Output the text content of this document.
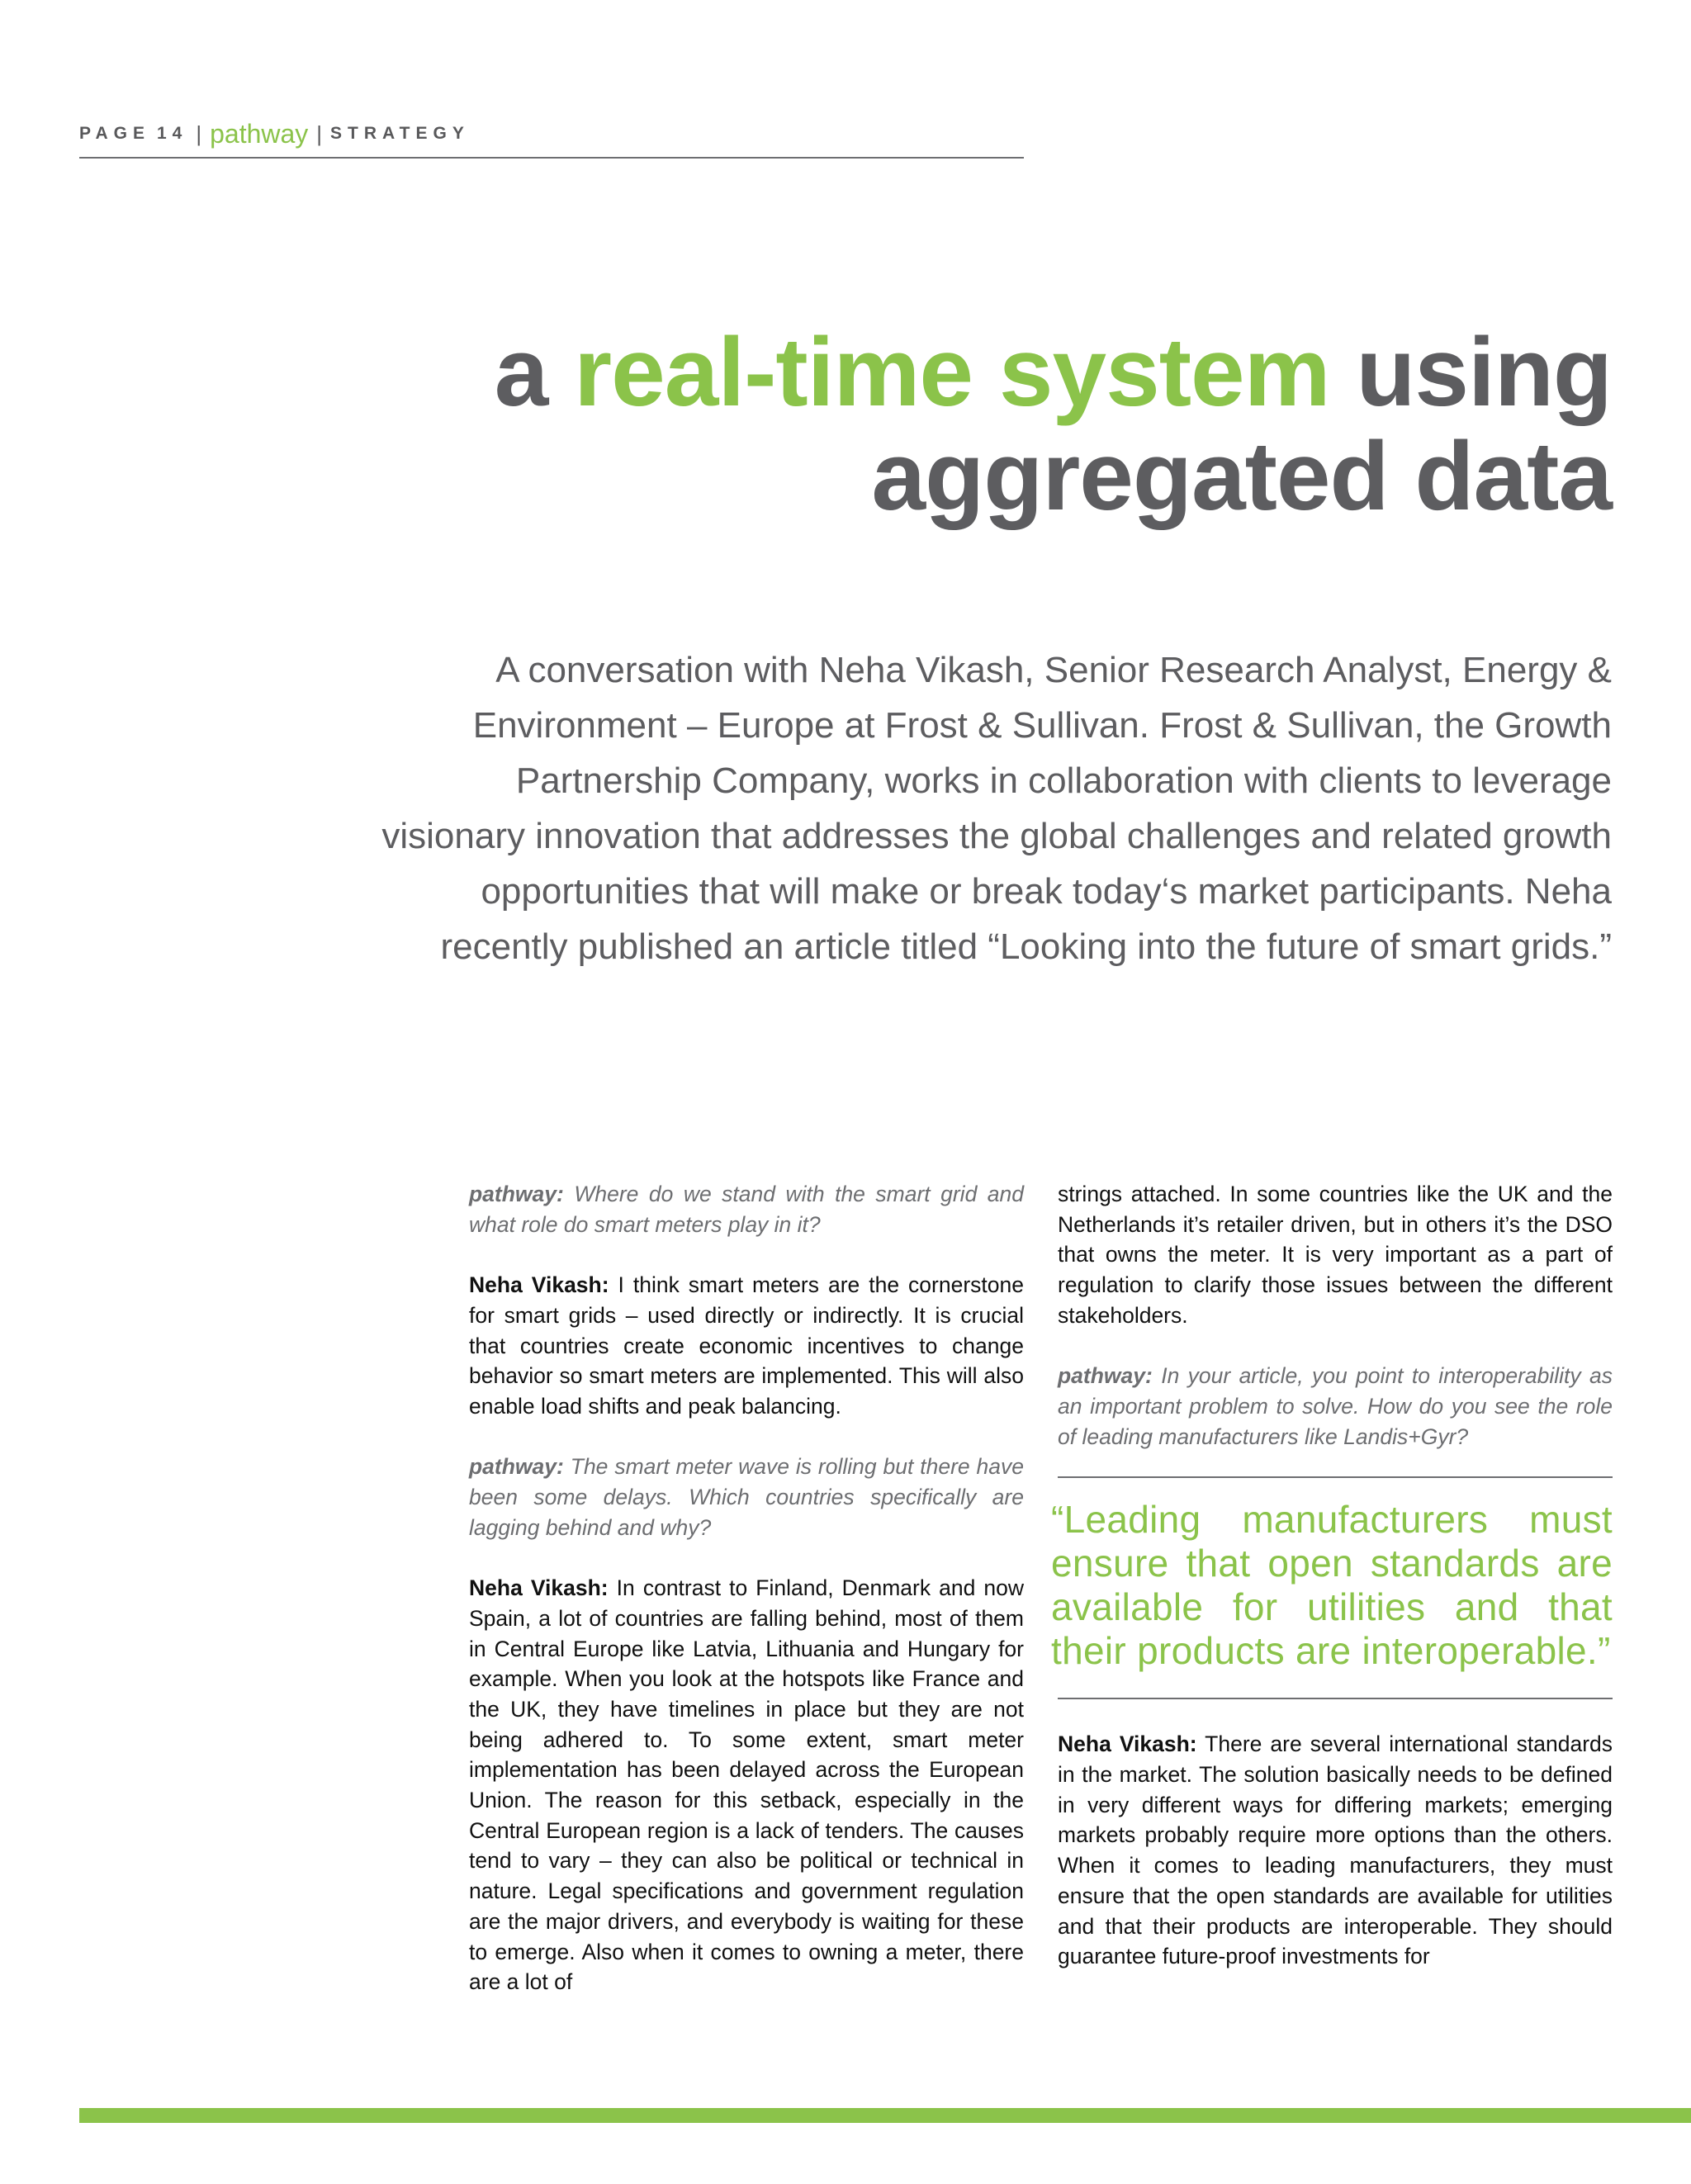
PAGE 14 | pathway | STRATEGY
a real-time system using
aggregated data
A conversation with Neha Vikash, Senior Research Analyst, Energy &
Environment – Europe at Frost & Sullivan. Frost & Sullivan, the Growth
Partnership Company, works in collaboration with clients to leverage
visionary innovation that addresses the global challenges and related growth
opportunities that will make or break today‘s market participants. Neha
recently published an article titled “Looking into the future of smart grids.”

pathway: Where do we stand with the smart grid and what role do smart meters play in it?

Neha Vikash: I think smart meters are the cornerstone for smart grids – used directly or indirectly. It is crucial that countries create economic incentives to change behavior so smart meters are implemented. This will also enable load shifts and peak balancing.

pathway: The smart meter wave is rolling but there have been some delays. Which countries specifically are lagging behind and why?

Neha Vikash: In contrast to Finland, Denmark and now Spain, a lot of countries are falling behind, most of them in Central Europe like Latvia, Lithuania and Hungary for example. When you look at the hotspots like France and the UK, they have timelines in place but they are not being adhered to. To some extent, smart meter implementation has been delayed across the European Union. The reason for this setback, especially in the Central European region is a lack of tenders. The causes tend to vary – they can also be political or technical in nature. Legal specifications and government regulation are the major drivers, and everybody is waiting for these to emerge. Also when it comes to owning a meter, there are a lot of

strings attached. In some countries like the UK and the Netherlands it’s retailer driven, but in others it’s the DSO that owns the meter. It is very important as a part of regulation to clarify those issues between the different stakeholders.

pathway: In your article, you point to interoperability as an important problem to solve. How do you see the role of leading manufacturers like Landis+Gyr?

“Leading manufacturers must ensure that open standards are available for utilities and that their products are interoperable.”

Neha Vikash: There are several international standards in the market. The solution basically needs to be defined in very different ways for differing markets; emerging markets probably require more options than the others. When it comes to leading manufacturers, they must ensure that the open standards are available for utilities and that their products are interoperable. They should guarantee future-proof investments for
